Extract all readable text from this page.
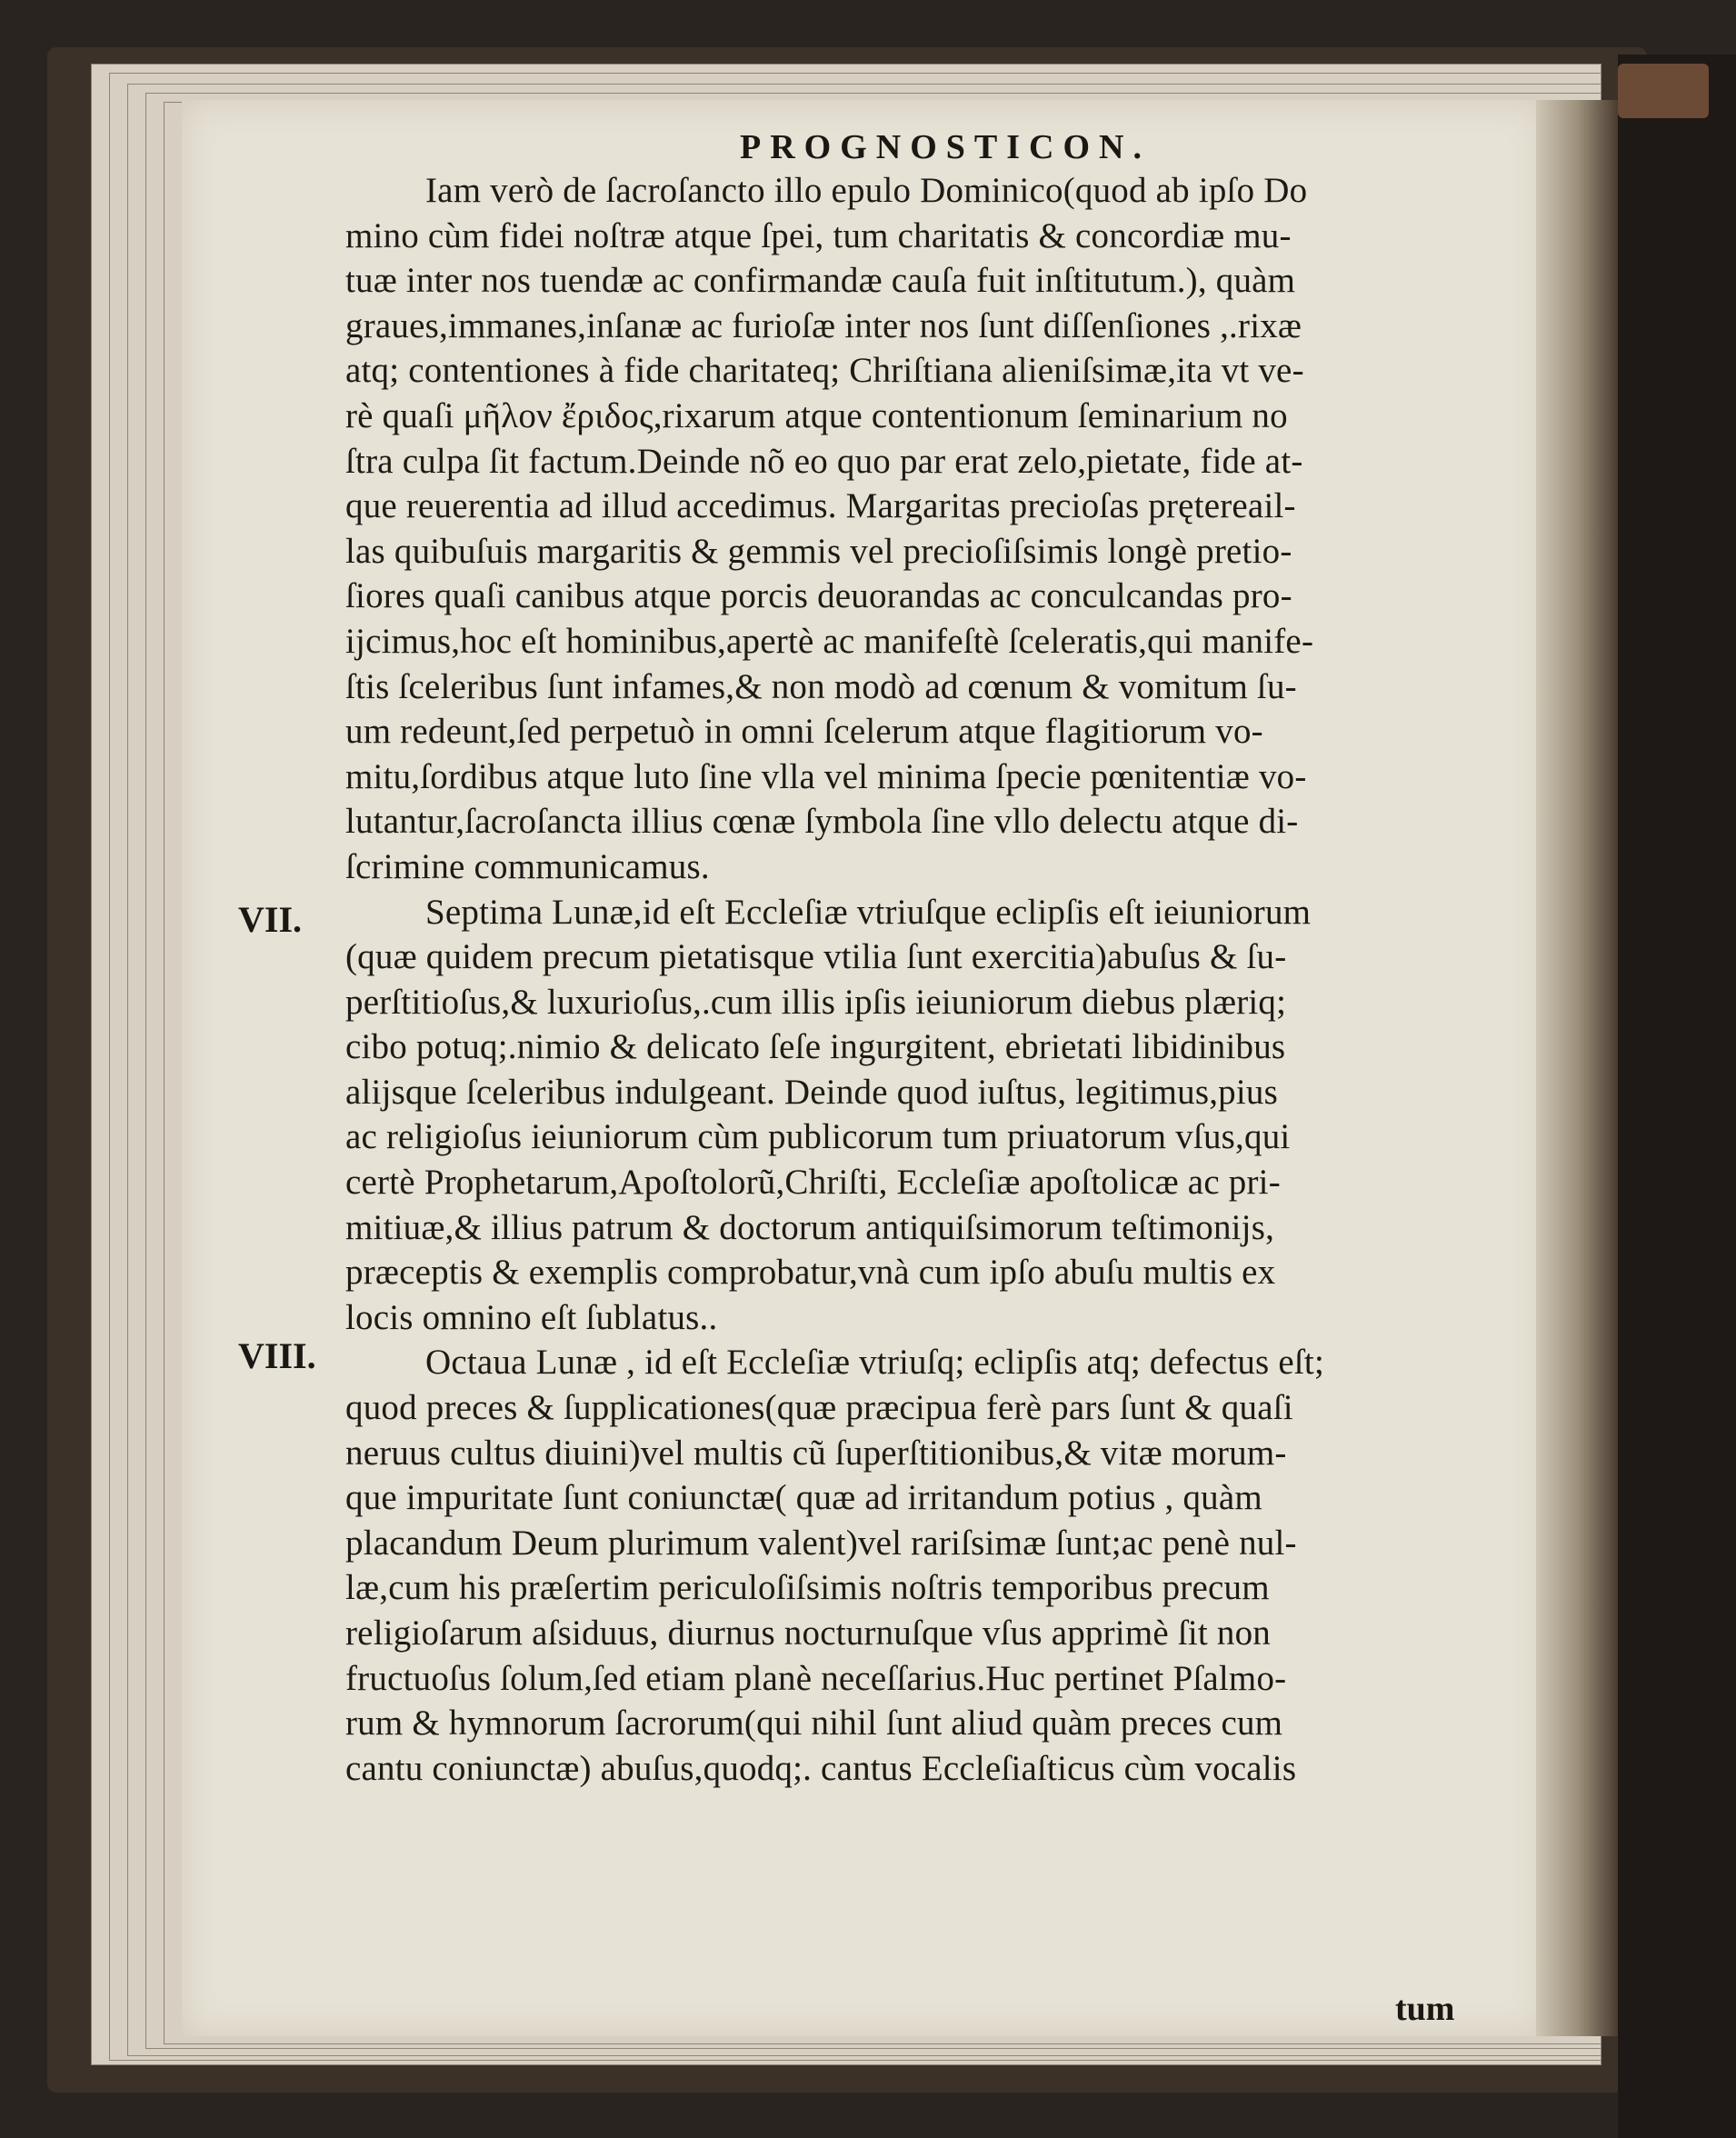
PROGNOSTICON.
VII.
VIII.
Iam verò de ſacroſancto illo epulo Dominico(quod ab ipſo Do
mino cùm fidei noſtræ atque ſpei, tum charitatis & concordiæ mu-
tuæ inter nos tuendæ ac confirmandæ cauſa fuit inſtitutum.), quàm
graues,immanes,inſanæ ac furioſæ inter nos ſunt diſſenſiones ,.rixæ
atq; contentiones à fide charitateq; Chriſtiana alieniſsimæ,ita vt ve-
rè quaſi μῆλον ἔριδος,rixarum atque contentionum ſeminarium no
ſtra culpa ſit factum.Deinde nõ eo quo par erat zelo,pietate, fide at-
que reuerentia ad illud accedimus. Margaritas precioſas prętereail-
las quibuſuis margaritis & gemmis vel precioſiſsimis longè pretio-
ſiores quaſi canibus atque porcis deuorandas ac conculcandas pro-
ijcimus,hoc eſt hominibus,apertè ac manifeſtè ſceleratis,qui manife-
ſtis ſceleribus ſunt infames,& non modò ad cœnum & vomitum ſu-
um redeunt,ſed perpetuò in omni ſcelerum atque flagitiorum vo-
mitu,ſordibus atque luto ſine vlla vel minima ſpecie pœnitentiæ vo-
lutantur,ſacroſancta illius cœnæ ſymbola ſine vllo delectu atque di-
ſcrimine communicamus.
Septima Lunæ,id eſt Eccleſiæ vtriuſque eclipſis eſt ieiuniorum
(quæ quidem precum pietatisque vtilia ſunt exercitia)abuſus & ſu-
perſtitioſus,& luxurioſus,.cum illis ipſis ieiuniorum diebus plæriq;
cibo potuq;.nimio & delicato ſeſe ingurgitent, ebrietati libidinibus
alijsque ſceleribus indulgeant. Deinde quod iuſtus, legitimus,pius
ac religioſus ieiuniorum cùm publicorum tum priuatorum vſus,qui
certè Prophetarum,Apoſtolorũ,Chriſti, Eccleſiæ apoſtolicæ ac pri-
mitiuæ,& illius patrum & doctorum antiquiſsimorum teſtimonijs,
præceptis & exemplis comprobatur,vnà cum ipſo abuſu multis ex
locis omnino eſt ſublatus..
Octaua Lunæ , id eſt Eccleſiæ vtriuſq; eclipſis atq; defectus eſt;
quod preces & ſupplicationes(quæ præcipua ferè pars ſunt & quaſi
neruus cultus diuini)vel multis cũ ſuperſtitionibus,& vitæ morum-
que impuritate ſunt coniunctæ( quæ ad irritandum potius , quàm
placandum Deum plurimum valent)vel rariſsimæ ſunt;ac penè nul-
læ,cum his præſertim periculoſiſsimis noſtris temporibus precum
religioſarum aſsiduus, diurnus nocturnuſque vſus apprimè ſit non
fructuoſus ſolum,ſed etiam planè neceſſarius.Huc pertinet Pſalmo-
rum & hymnorum ſacrorum(qui nihil ſunt aliud quàm preces cum
cantu coniunctæ) abuſus,quodq;. cantus Eccleſiaſticus cùm vocalis
tum
